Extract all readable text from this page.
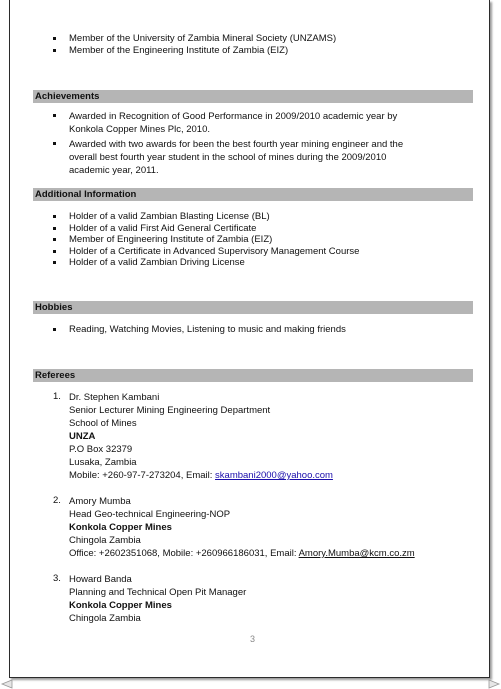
Member of the University of Zambia Mineral Society (UNZAMS)
Member of the Engineering Institute of Zambia (EIZ)
Achievements
Awarded in Recognition of Good Performance in 2009/2010 academic year by
Konkola Copper Mines Plc, 2010.
Awarded with two awards for been the best fourth year mining engineer and the
overall best fourth year student in the school of mines during the 2009/2010
academic year, 2011.
Additional Information
Holder of a valid Zambian Blasting License (BL)
Holder of a valid First Aid General Certificate
Member of Engineering Institute of Zambia (EIZ)
Holder of a Certificate in Advanced Supervisory Management Course
Holder of a valid Zambian Driving License
Hobbies
Reading, Watching Movies, Listening to music and making friends
Referees
1. Dr. Stephen Kambani
Senior Lecturer Mining Engineering Department
School of Mines
UNZA
P.O Box 32379
Lusaka, Zambia
Mobile: +260-97-7-273204, Email: skambani2000@yahoo.com
2. Amory Mumba
Head Geo-technical Engineering-NOP
Konkola Copper Mines
Chingola Zambia
Office: +2602351068, Mobile: +260966186031, Email: Amory.Mumba@kcm.co.zm
3. Howard Banda
Planning and Technical Open Pit Manager
Konkola Copper Mines
Chingola Zambia
3
